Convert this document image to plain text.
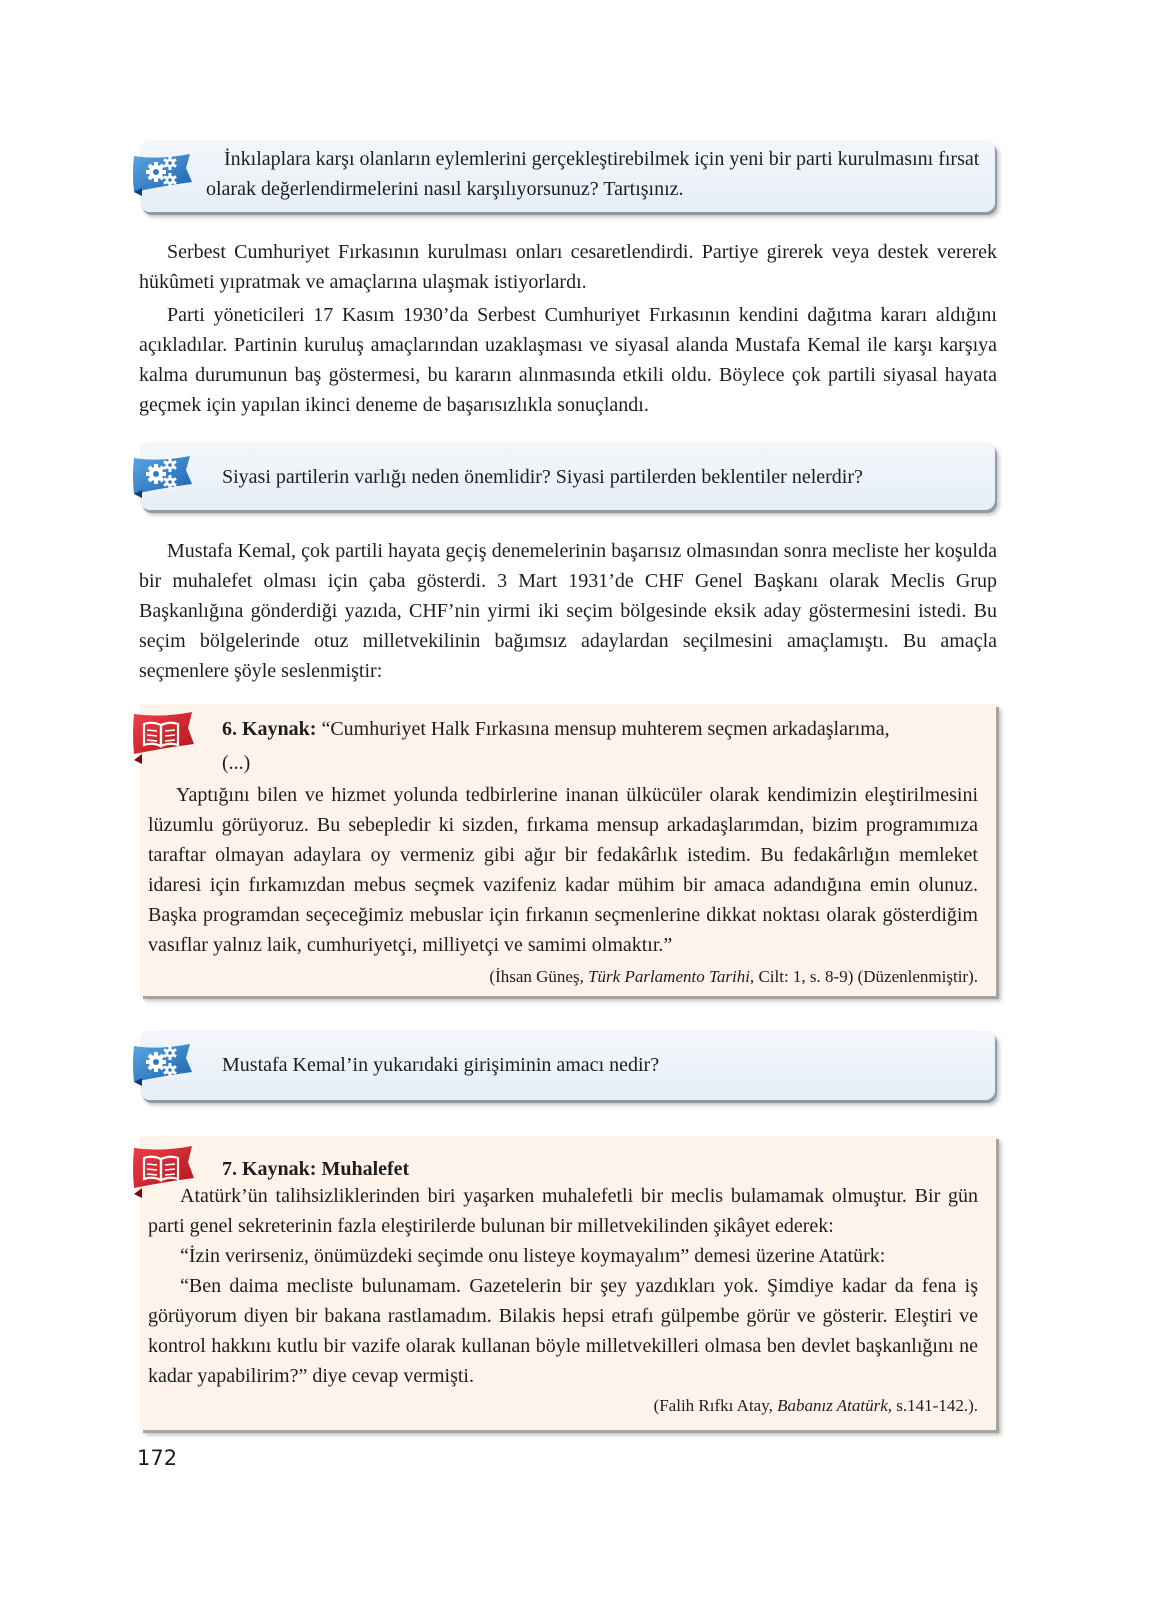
İnkılaplara karşı olanların eylemlerini gerçekleştirebilmek için yeni bir parti kurulmasını fırsat olarak değerlendirmelerini nasıl karşılıyorsunuz? Tartışınız.

Serbest Cumhuriyet Fırkasının kurulması onları cesaretlendirdi. Partiye girerek veya destek vererek hükûmeti yıpratmak ve amaçlarına ulaşmak istiyorlardı.

Parti yöneticileri 17 Kasım 1930’da Serbest Cumhuriyet Fırkasının kendini dağıtma kararı aldığını açıkladılar. Partinin kuruluş amaçlarından uzaklaşması ve siyasal alanda Mustafa Kemal ile karşı karşıya kalma durumunun baş göstermesi, bu kararın alınmasında etkili oldu. Böylece çok partili siyasal hayata geçmek için yapılan ikinci deneme de başarısızlıkla sonuçlandı.

Siyasi partilerin varlığı neden önemlidir? Siyasi partilerden beklentiler nelerdir?

Mustafa Kemal, çok partili hayata geçiş denemelerinin başarısız olmasından sonra mecliste her koşulda bir muhalefet olması için çaba gösterdi. 3 Mart 1931’de CHF Genel Başkanı olarak Meclis Grup Başkanlığına gönderdiği yazıda, CHF’nin yirmi iki seçim bölgesinde eksik aday göstermesini istedi. Bu seçim bölgelerinde otuz milletvekilinin bağımsız adaylardan seçilmesini amaçlamıştı. Bu amaçla seçmenlere şöyle seslenmiştir:

6. Kaynak: “Cumhuriyet Halk Fırkasına mensup muhterem seçmen arkadaşlarıma,

(...)

Yaptığını bilen ve hizmet yolunda tedbirlerine inanan ülkücüler olarak kendimizin eleştirilmesini lüzumlu görüyoruz. Bu sebepledir ki sizden, fırkama mensup arkadaşlarımdan, bizim programımıza taraftar olmayan adaylara oy vermeniz gibi ağır bir fedakârlık istedim. Bu fedakârlığın memleket idaresi için fırkamızdan mebus seçmek vazifeniz kadar mühim bir amaca adandığına emin olunuz. Başka programdan seçeceğimiz mebuslar için fırkanın seçmenlerine dikkat noktası olarak gösterdiğim vasıflar yalnız laik, cumhuriyetçi, milliyetçi ve samimi olmaktır.”

(İhsan Güneş, Türk Parlamento Tarihi, Cilt: 1, s. 8-9) (Düzenlenmiştir).

Mustafa Kemal’in yukarıdaki girişiminin amacı nedir?

7. Kaynak: Muhalefet

Atatürk’ün talihsizliklerinden biri yaşarken muhalefetli bir meclis bulamamak olmuştur. Bir gün parti genel sekreterinin fazla eleştirilerde bulunan bir milletvekilinden şikâyet ederek:

“İzin verirseniz, önümüzdeki seçimde onu listeye koymayalım” demesi üzerine Atatürk:

“Ben daima mecliste bulunamam. Gazetelerin bir şey yazdıkları yok. Şimdiye kadar da fena iş görüyorum diyen bir bakana rastlamadım. Bilakis hepsi etrafı gülpembe görür ve gösterir. Eleştiri ve kontrol hakkını kutlu bir vazife olarak kullanan böyle milletvekilleri olmasa ben devlet başkanlığını ne kadar yapabilirim?” diye cevap vermişti.

(Falih Rıfkı Atay, Babanız Atatürk, s.141-142.).

172
